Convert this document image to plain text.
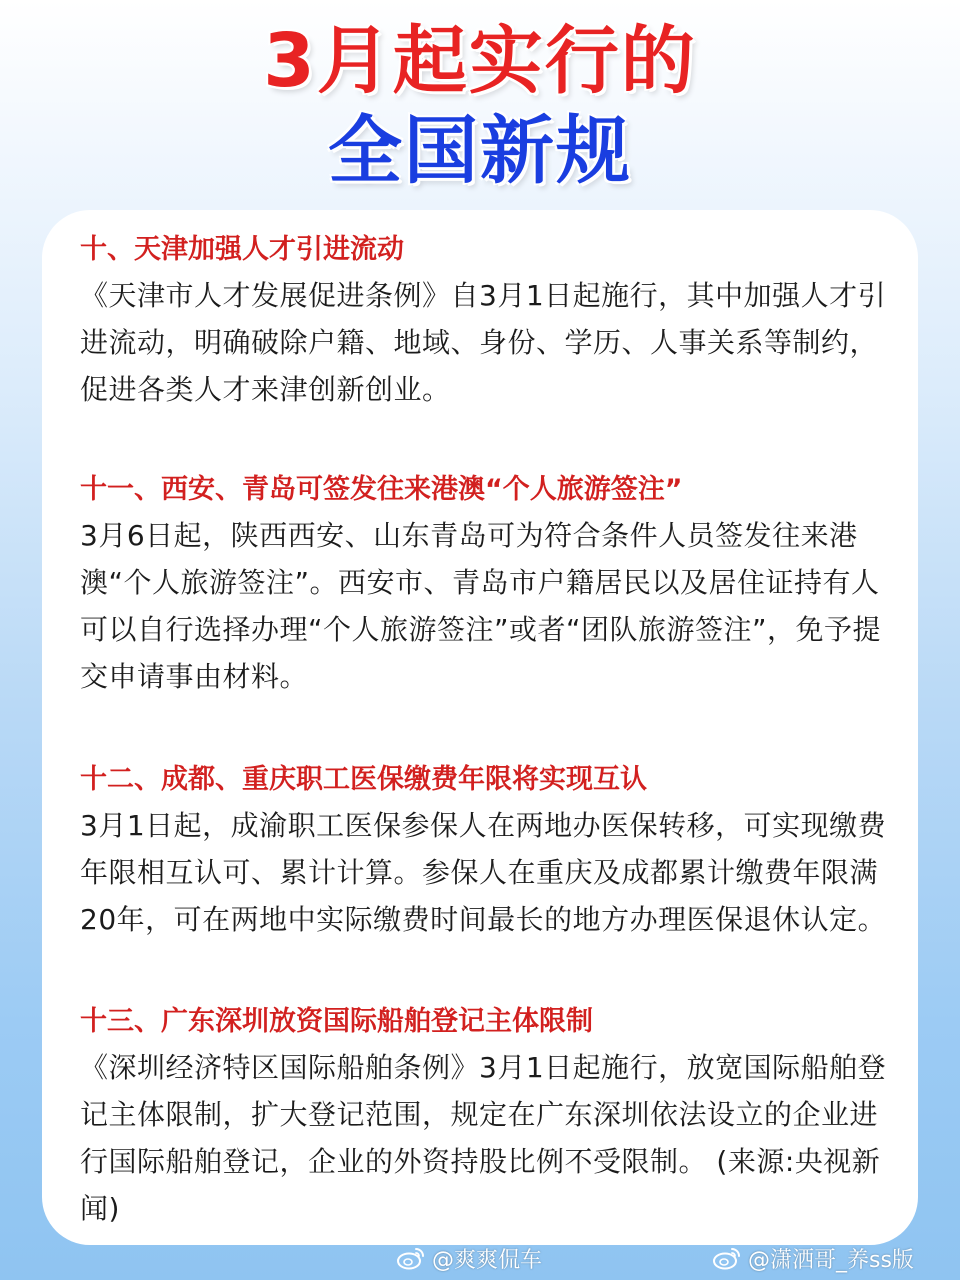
3月起实行的
全国新规

十、天津加强人才引进流动

《天津市人才发展促进条例》自3月1日起施行，其中加强人才引进流动，明确破除户籍、地域、身份、学历、人事关系等制约，促进各类人才来津创新创业。

十一、西安、青岛可签发往来港澳“个人旅游签注”

3月6日起，陕西西安、山东青岛可为符合条件人员签发往来港澳“个人旅游签注”。西安市、青岛市户籍居民以及居住证持有人可以自行选择办理“个人旅游签注”或者“团队旅游签注”，免予提交申请事由材料。

十二、成都、重庆职工医保缴费年限将实现互认

3月1日起，成渝职工医保参保人在两地办医保转移，可实现缴费年限相互认可、累计计算。参保人在重庆及成都累计缴费年限满20年，可在两地中实际缴费时间最长的地方办理医保退休认定。

十三、广东深圳放资国际船舶登记主体限制

《深圳经济特区国际船舶条例》3月1日起施行，放宽国际船舶登记主体限制，扩大登记范围，规定在广东深圳依法设立的企业进行国际船舶登记，企业的外资持股比例不受限制。 (来源:央视新闻)

@爽爽侃车	@潇洒哥_养ss版
